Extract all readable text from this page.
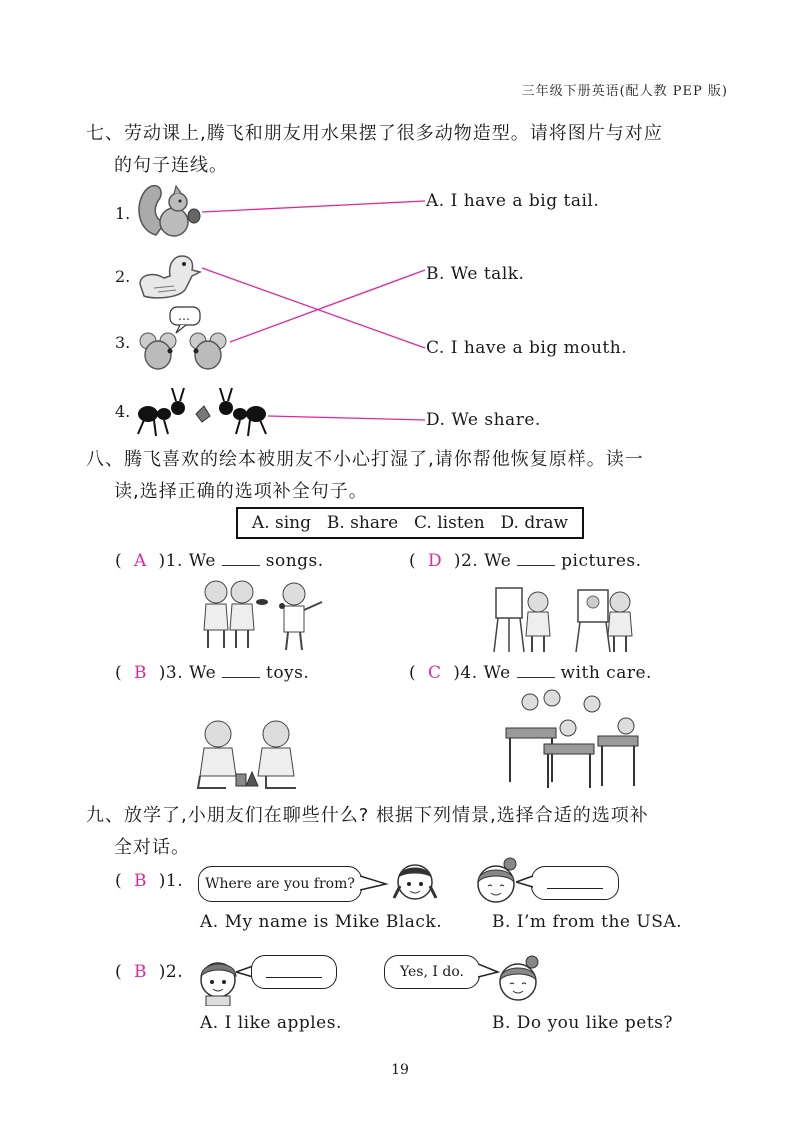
三年级下册英语(配人教 PEP 版)
七、劳动课上,腾飞和朋友用水果摆了很多动物造型。请将图片与对应
的句子连线。
1.
2.
3.
4.
…
A. I have a big tail.
B. We talk.
C. I have a big mouth.
D. We share.
八、腾飞喜欢的绘本被朋友不小心打湿了,请你帮他恢复原样。读一
读,选择正确的选项补全句子。
A. sing B. share C. listen D. draw
( A )1. We	songs.	( D )2. We	pictures.
( B )3. We	toys.	( C )4. We	with care.
九、放学了,小朋友们在聊些什么? 根据下列情景,选择合适的选项补
全对话。
( B )1. Where are you from?
A. My name is Mike Black.	B. I’m from the USA.
( B )2.	Yes, I do.
A. I like apples.	B. Do you like pets?
19
